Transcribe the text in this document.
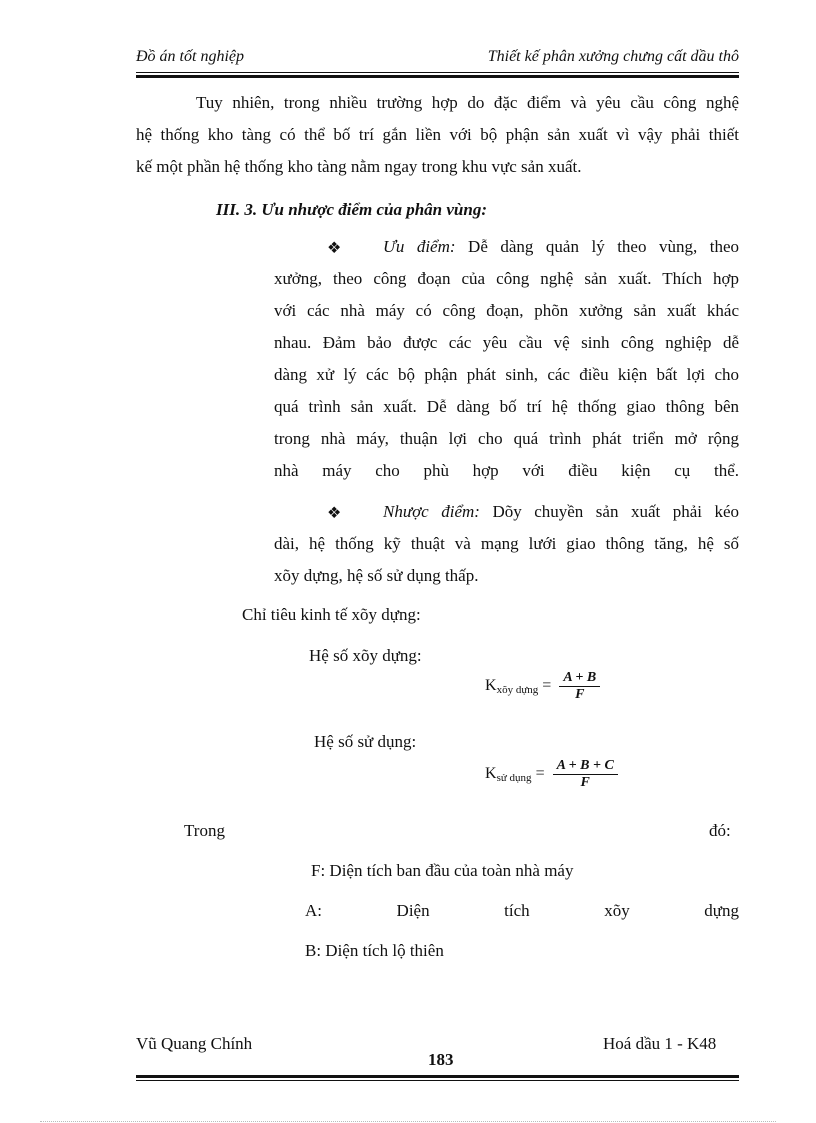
Đồ án tốt nghiệp	Thiết kế phân xưởng chưng cất dầu thô
Tuy nhiên, trong nhiều trường hợp do đặc điểm và yêu cầu công nghệ
hệ thống kho tàng có thể bố trí gắn liền với bộ phận sản xuất vì vậy phải thiết
kế một phần hệ thống kho tàng nằm ngay trong khu vực sản xuất.
III. 3. Ưu nhược điểm của phân vùng:
❖ Ưu điểm: Dễ dàng quản lý theo vùng, theo
xưởng, theo công đoạn của công nghệ sản xuất. Thích hợp
với các nhà máy có công đoạn, phõn xưởng sản xuất khác
nhau. Đảm bảo được các yêu cầu vệ sinh công nghiệp dễ
dàng xử lý các bộ phận phát sinh, các điều kiện bất lợi cho
quá trình sản xuất. Dễ dàng bố trí hệ thống giao thông bên
trong nhà máy, thuận lợi cho quá trình phát triển mở rộng
nhà máy cho phù hợp với điều kiện cụ thể.
❖ Nhược điểm: Dõy chuyền sản xuất phải kéo
dài, hệ thống kỹ thuật và mạng lưới giao thông tăng, hệ số
xõy dựng, hệ số sử dụng thấp.
Chỉ tiêu kinh tế xõy dựng:
Hệ số xõy dựng:
Kxõy dựng = $\frac{A + B}{F}$
Hệ số sử dụng:
Ksử dụng = $\frac{A + B + C}{F}$
Trong	đó:
F: Diện tích ban đầu của toàn nhà máy
A:	Diện	tích	xõy	dựng
B: Diện tích lộ thiên
Vũ Quang Chính	Hoá dầu 1 - K48
183
